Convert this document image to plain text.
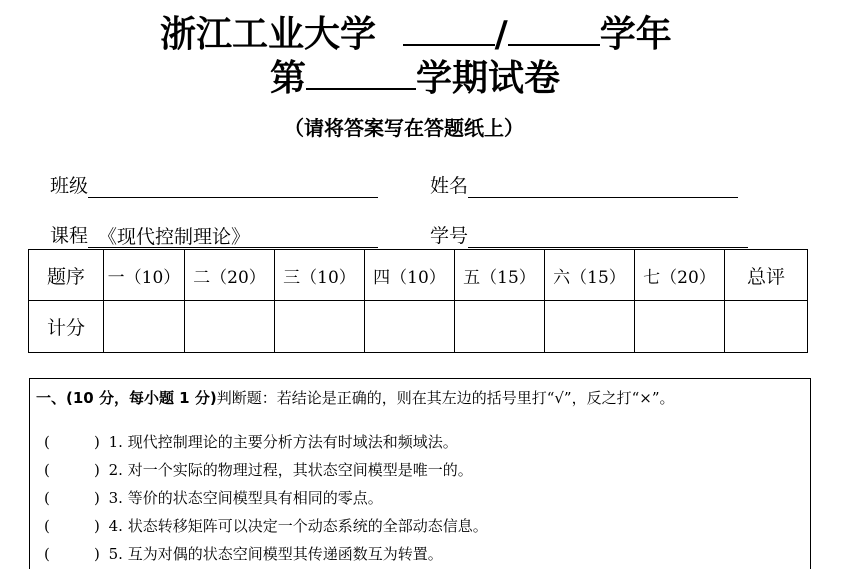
浙江工业大学	/	学年
第	学期试卷
（请将答案写在答题纸上）
班级	姓名
课程 《现代控制理论》	学号
题序	一（10）	二（20）	三（10）	四（10）	五（15）	六（15）	七（20）	总评
计分								
一、(10 分，每小题 1 分)判断题：若结论是正确的，则在其左边的括号里打“√”，反之打“×”。
(	) 1. 现代控制理论的主要分析方法有时域法和频域法。
(	) 2. 对一个实际的物理过程，其状态空间模型是唯一的。
(	) 3. 等价的状态空间模型具有相同的零点。
(	) 4. 状态转移矩阵可以决定一个动态系统的全部动态信息。
(	) 5. 互为对偶的状态空间模型其传递函数互为转置。
